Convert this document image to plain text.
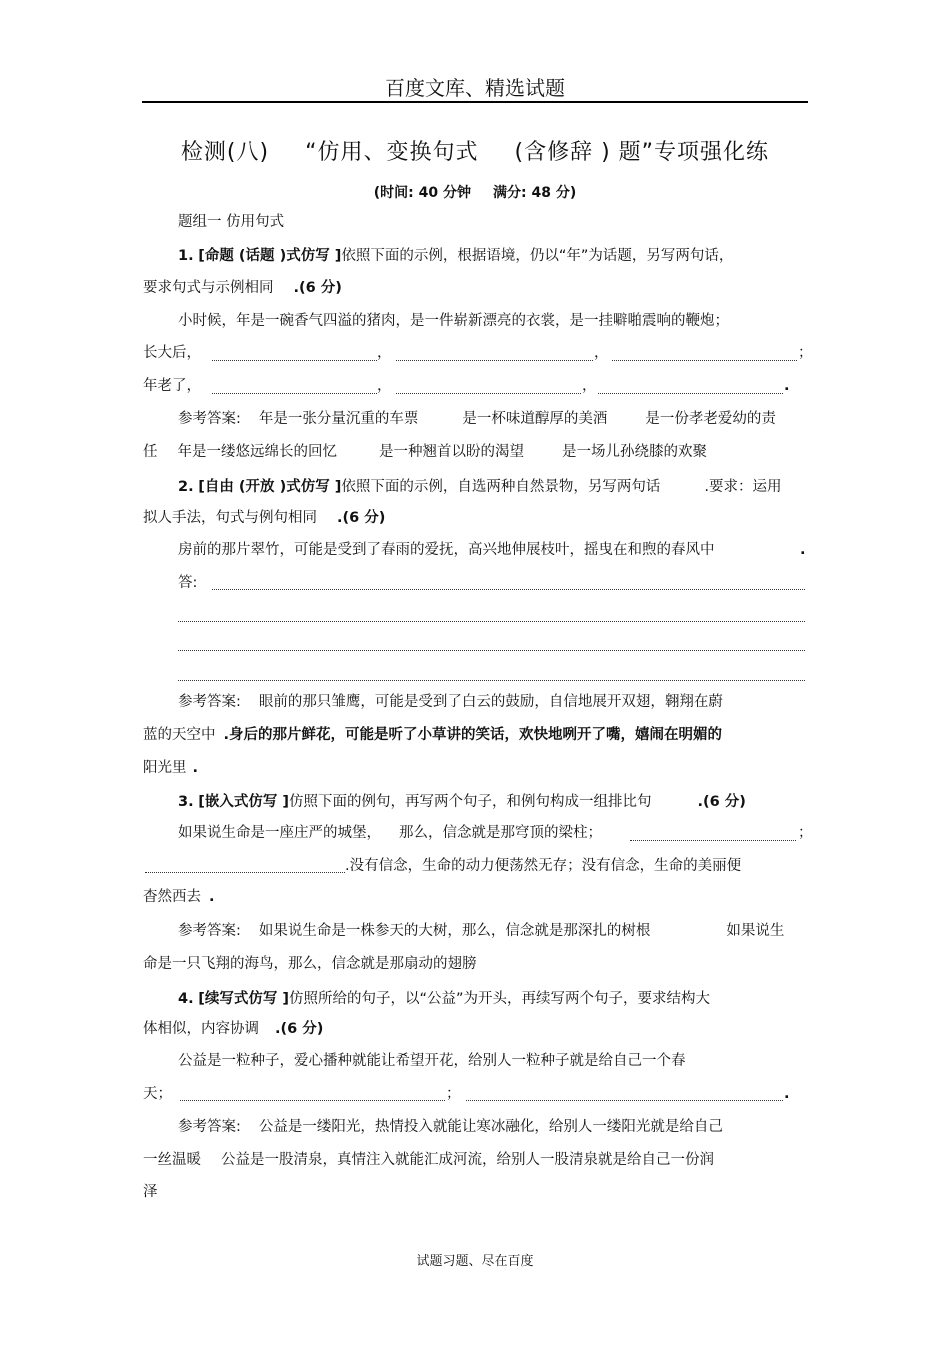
百度文库、精选试题
检测(八) “仿用、变换句式 (含修辞 ) 题”专项强化练
(时间: 40 分钟 满分: 48 分)
题组一 仿用句式
1. [命题 (话题 )式仿写 ]依照下面的示例，根据语境，仍以“年”为话题，另写两句话，
要求句式与示例相同 .(6 分)
小时候，年是一碗香气四溢的猪肉，是一件崭新漂亮的衣裳，是一挂噼啪震响的鞭炮；
长大后，	，	，	；
年老了，	，	，	.
参考答案: 年是一张分量沉重的车票	是一杯味道醇厚的美酒	是一份孝老爱幼的责
任 年是一缕悠远绵长的回忆	是一种翘首以盼的渴望	是一场儿孙绕膝的欢聚
2. [自由 (开放 )式仿写 ]依照下面的示例，自选两种自然景物，另写两句话	.要求：运用
拟人手法，句式与例句相同 .(6 分)
房前的那片翠竹，可能是受到了春雨的爱抚，高兴地伸展枝叶，摇曳在和煦的春风中	.
答:
参考答案: 眼前的那只雏鹰，可能是受到了白云的鼓励，自信地展开双翅，翱翔在蔚
蓝的天空中 .身后的那片鲜花，可能是听了小草讲的笑话，欢快地咧开了嘴，嬉闹在明媚的
阳光里 .
3. [嵌入式仿写 ]仿照下面的例句，再写两个句子，和例句构成一组排比句	.(6 分)
如果说生命是一座庄严的城堡， 那么，信念就是那穹顶的梁柱；	；
.没有信念，生命的动力便荡然无存；没有信念，生命的美丽便
杳然西去 .
参考答案: 如果说生命是一株参天的大树，那么，信念就是那深扎的树根	如果说生
命是一只飞翔的海鸟，那么，信念就是那扇动的翅膀
4. [续写式仿写 ]仿照所给的句子，以“公益”为开头，再续写两个句子，要求结构大
体相似，内容协调 .(6 分)
公益是一粒种子，爱心播种就能让希望开花，给别人一粒种子就是给自己一个春
天；	；	.
参考答案: 公益是一缕阳光，热情投入就能让寒冰融化，给别人一缕阳光就是给自己
一丝温暖 公益是一股清泉，真情注入就能汇成河流，给别人一股清泉就是给自己一份润
泽
试题习题、尽在百度
